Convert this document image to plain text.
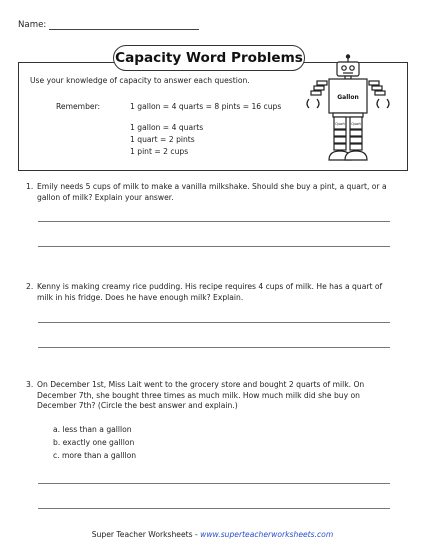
Name:
Capacity Word Problems
Use your knowledge of capacity to answer each question.
Remember:	1 gallon = 4 quarts = 8 pints = 16 cups
1 gallon = 4 quarts
1 quart = 2 pints
1 pint = 2 cups
Gallon
Quart Quart
1. Emily needs 5 cups of milk to make a vanilla milkshake. Should she buy a pint, a quart, or a gallon of milk? Explain your answer.
2. Kenny is making creamy rice pudding. His recipe requires 4 cups of milk. He has a quart of milk in his fridge. Does he have enough milk? Explain.
3. On December 1st, Miss Lait went to the grocery store and bought 2 quarts of milk. On December 7th, she bought three times as much milk. How much milk did she buy on December 7th? (Circle the best answer and explain.)
a. less than a galllon
b. exactly one galllon
c. more than a galllon
Super Teacher Worksheets - www.superteacherworksheets.com
